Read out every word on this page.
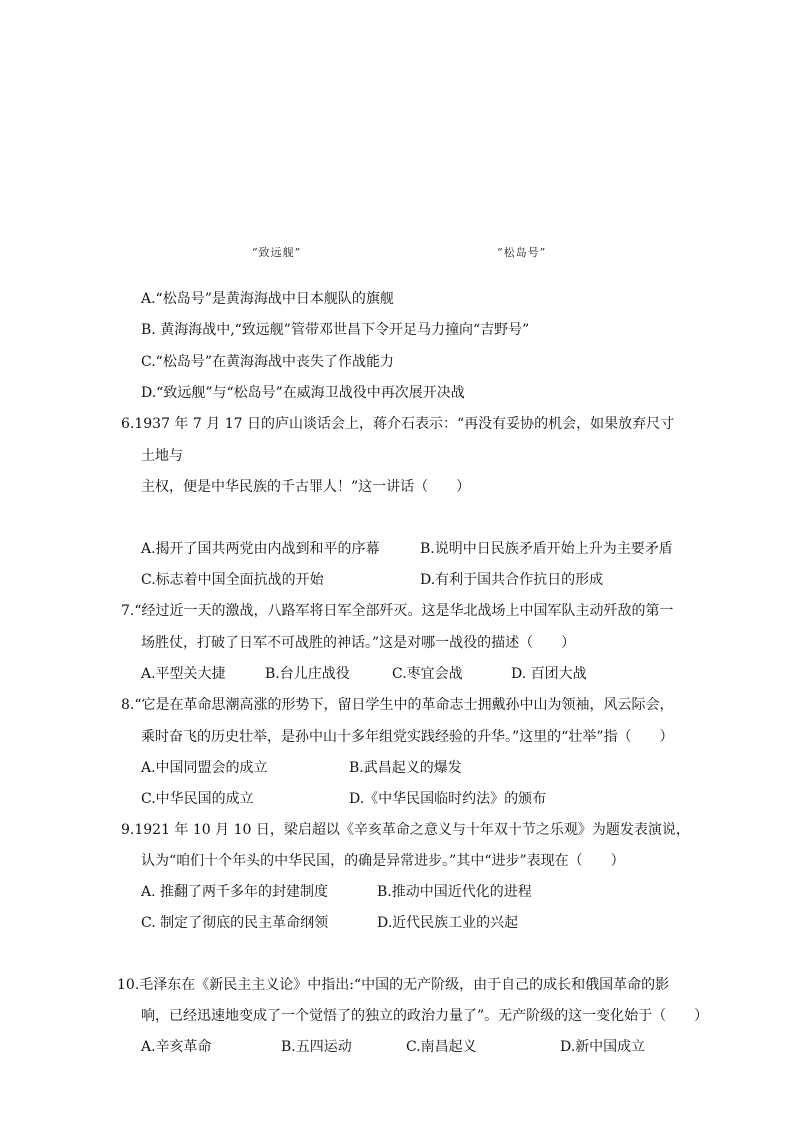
“致远舰”	“松岛号”
A.“松岛号”是黄海海战中日本舰队的旗舰
B. 黄海海战中,“致远舰”管带邓世昌下令开足马力撞向“吉野号”
C.“松岛号”在黄海海战中丧失了作战能力
D.“致远舰”与“松岛号”在威海卫战役中再次展开决战
6.1937 年 7 月 17 日的庐山谈话会上，蒋介石表示：“再没有妥协的机会，如果放弃尺寸
土地与
主权，便是中华民族的千古罪人！”这一讲话（　　）
A.揭开了国共两党由内战到和平的序幕	B.说明中日民族矛盾开始上升为主要矛盾
C.标志着中国全面抗战的开始	D.有利于国共合作抗日的形成
7.“经过近一天的激战，八路军将日军全部歼灭。这是华北战场上中国军队主动歼敌的第一
场胜仗，打破了日军不可战胜的神话。”这是对哪一战役的描述（　　）
A.平型关大捷	B.台儿庄战役	C.枣宜会战	D. 百团大战
8.“它是在革命思潮高涨的形势下，留日学生中的革命志士拥戴孙中山为领袖，风云际会，
乘时奋飞的历史壮举，是孙中山十多年组党实践经验的升华。”这里的“壮举”指（　　）
A.中国同盟会的成立	B.武昌起义的爆发
C.中华民国的成立	D.《中华民国临时约法》的颁布
9.1921 年 10 月 10 日，梁启超以《辛亥革命之意义与十年双十节之乐观》为题发表演说，
认为“咱们十个年头的中华民国，的确是异常进步。”其中“进步”表现在（　　）
A. 推翻了两千多年的封建制度	B.推动中国近代化的进程
C. 制定了彻底的民主革命纲领	D.近代民族工业的兴起
10.毛泽东在《新民主主义论》中指出:“中国的无产阶级，由于自己的成长和俄国革命的影
响，已经迅速地变成了一个觉悟了的独立的政治力量了”。无产阶级的这一变化始于（　　）
A.辛亥革命	B.五四运动	C.南昌起义	D.新中国成立
